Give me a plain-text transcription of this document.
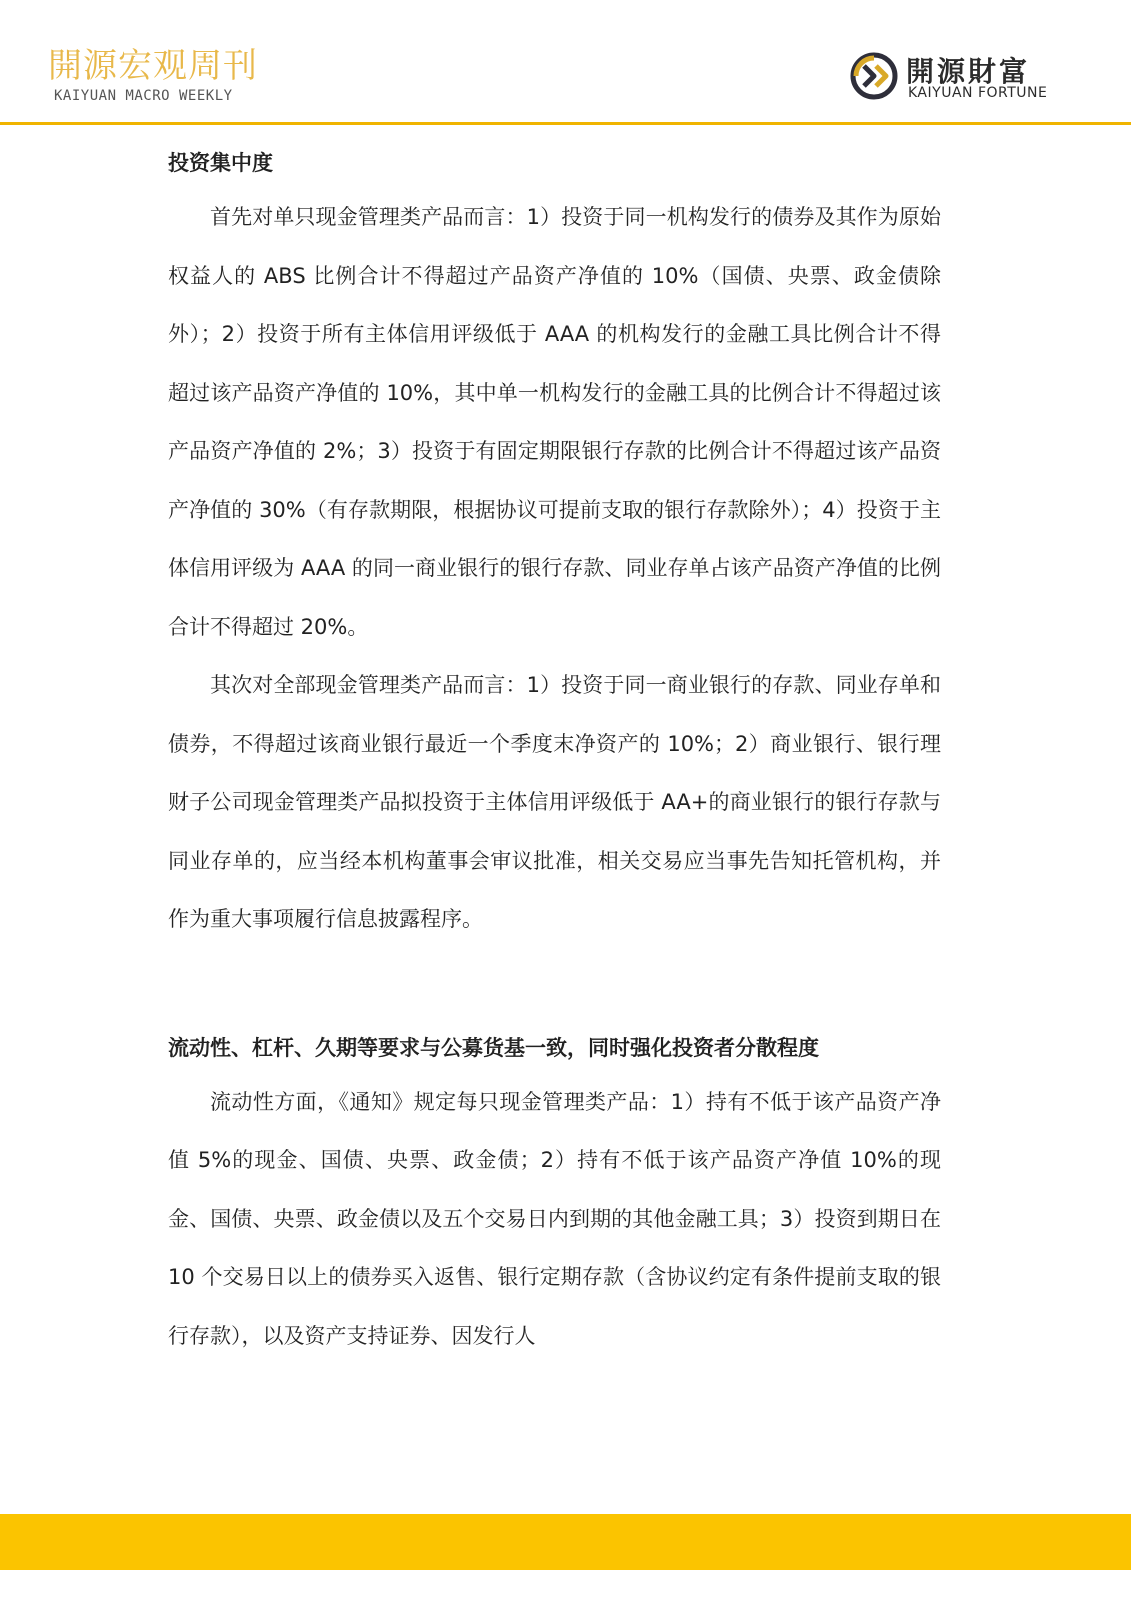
開源宏观周刊
KAIYUAN MACRO WEEKLY
開源財富
KAIYUAN FORTUNE
投资集中度

首先对单只现金管理类产品而言：1）投资于同一机构发行的债券及其作为原始权益人的 ABS 比例合计不得超过产品资产净值的 10%（国债、央票、政金债除外）；2）投资于所有主体信用评级低于 AAA 的机构发行的金融工具比例合计不得超过该产品资产净值的 10%，其中单一机构发行的金融工具的比例合计不得超过该产品资产净值的 2%；3）投资于有固定期限银行存款的比例合计不得超过该产品资产净值的 30%（有存款期限，根据协议可提前支取的银行存款除外）；4）投资于主体信用评级为 AAA 的同一商业银行的银行存款、同业存单占该产品资产净值的比例合计不得超过 20%。

其次对全部现金管理类产品而言：1）投资于同一商业银行的存款、同业存单和债券，不得超过该商业银行最近一个季度末净资产的 10%；2）商业银行、银行理财子公司现金管理类产品拟投资于主体信用评级低于 AA+的商业银行的银行存款与同业存单的，应当经本机构董事会审议批准，相关交易应当事先告知托管机构，并作为重大事项履行信息披露程序。

流动性、杠杆、久期等要求与公募货基一致，同时强化投资者分散程度

流动性方面，《通知》规定每只现金管理类产品：1）持有不低于该产品资产净值 5%的现金、国债、央票、政金债；2）持有不低于该产品资产净值 10%的现金、国债、央票、政金债以及五个交易日内到期的其他金融工具；3）投资到期日在 10 个交易日以上的债券买入返售、银行定期存款（含协议约定有条件提前支取的银行存款），以及资产支持证券、因发行人
